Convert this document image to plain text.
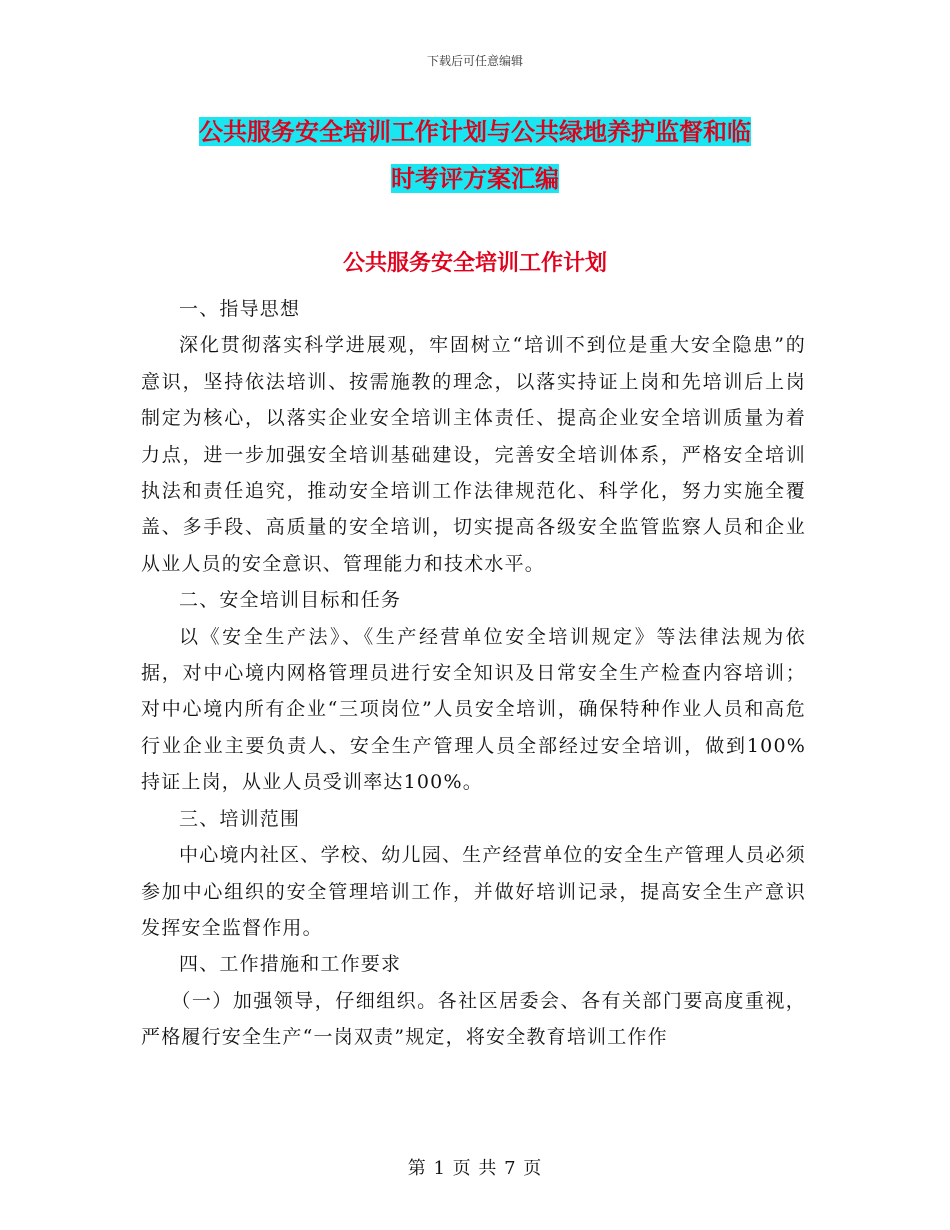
下载后可任意编辑
公共服务安全培训工作计划与公共绿地养护监督和临
时考评方案汇编
公共服务安全培训工作计划

一、指导思想

深化贯彻落实科学进展观，牢固树立“培训不到位是重大安全隐患”的意识，坚持依法培训、按需施教的理念，以落实持证上岗和先培训后上岗制定为核心，以落实企业安全培训主体责任、提高企业安全培训质量为着力点，进一步加强安全培训基础建设，完善安全培训体系，严格安全培训执法和责任追究，推动安全培训工作法律规范化、科学化，努力实施全覆盖、多手段、高质量的安全培训，切实提高各级安全监管监察人员和企业从业人员的安全意识、管理能力和技术水平。

二、安全培训目标和任务

以《安全生产法》、《生产经营单位安全培训规定》等法律法规为依据，对中心境内网格管理员进行安全知识及日常安全生产检查内容培训；对中心境内所有企业“三项岗位”人员安全培训，确保特种作业人员和高危行业企业主要负责人、安全生产管理人员全部经过安全培训，做到100%持证上岗，从业人员受训率达100%。

三、培训范围

中心境内社区、学校、幼儿园、生产经营单位的安全生产管理人员必须参加中心组织的安全管理培训工作，并做好培训记录，提高安全生产意识发挥安全监督作用。

四、工作措施和工作要求

（一）加强领导，仔细组织。各社区居委会、各有关部门要高度重视，严格履行安全生产“一岗双责”规定，将安全教育培训工作作

第 1 页 共 7 页
